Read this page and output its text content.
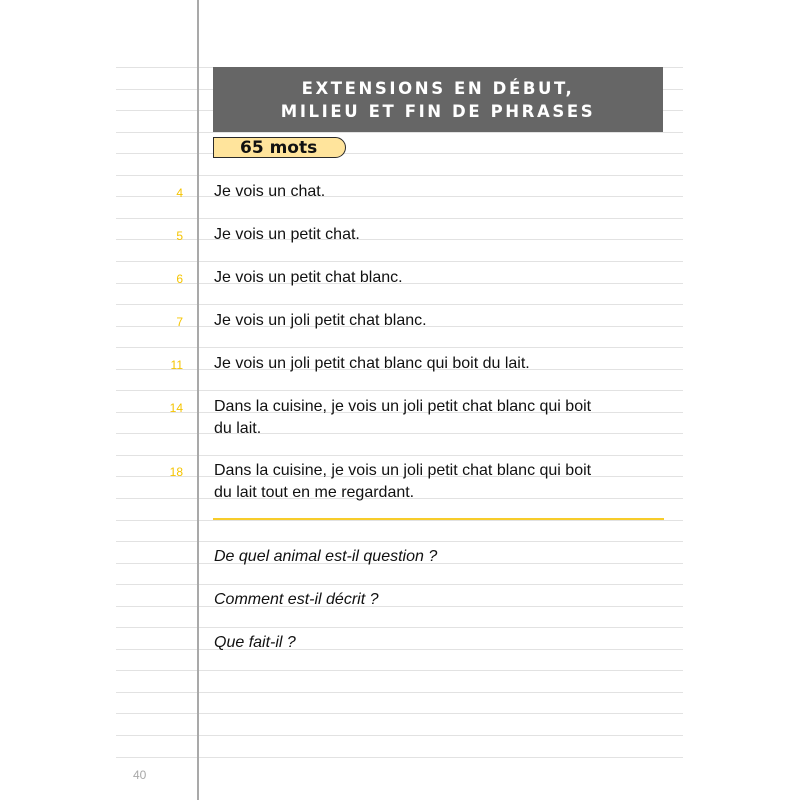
EXTENSIONS EN DÉBUT,
MILIEU ET FIN DE PHRASES
65 mots
4 Je vois un chat.
5 Je vois un petit chat.
6 Je vois un petit chat blanc.
7 Je vois un joli petit chat blanc.
11 Je vois un joli petit chat blanc qui boit du lait.
14 Dans la cuisine, je vois un joli petit chat blanc qui boit
du lait.
18 Dans la cuisine, je vois un joli petit chat blanc qui boit
du lait tout en me regardant.
De quel animal est-il question ?
Comment est-il décrit ?
Que fait-il ?
40
